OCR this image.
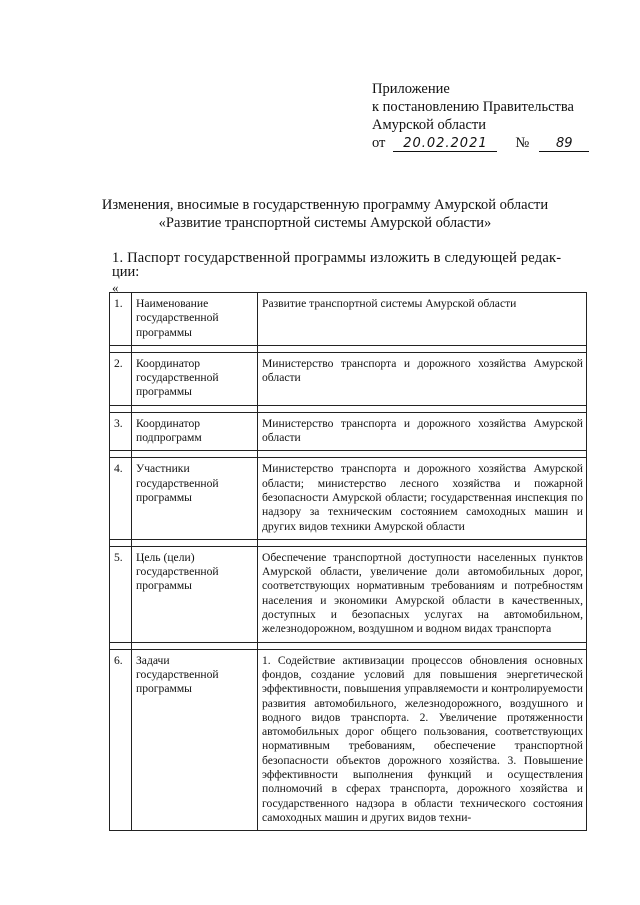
Приложение
к постановлению Правительства
Амурской области
от	20.02.2021	№	89
Изменения, вносимые в государственную программу Амурской области
«Развитие транспортной системы Амурской области»
1. Паспорт государственной программы изложить в следующей редак-
ции:
«
1.	Наименование государственной программы	Развитие транспортной системы Амурской области

2.	Координатор государственной программы	Министерство транспорта и дорожного хозяйства Амурской области

3.	Координатор подпрограмм	Министерство транспорта и дорожного хозяйства Амурской области

4.	Участники государственной программы	Министерство транспорта и дорожного хозяйства Амурской области; министерство лесного хозяйства и пожарной безопасности Амурской области; государственная инспекция по надзору за техническим состоянием самоходных машин и других видов техники Амурской области

5.	Цель (цели) государственной программы	Обеспечение транспортной доступности населенных пунктов Амурской области, увеличение доли автомобильных дорог, соответствующих нормативным требованиям и потребностям населения и экономики Амурской области в качественных, доступных и безопасных услугах на автомобильном, железнодорожном, воздушном и водном видах транспорта

6.	Задачи государственной программы	1. Содействие активизации процессов обновления основных фондов, создание условий для повышения энергетической эффективности, повышения управляемости и контролируемости развития автомобильного, железнодорожного, воздушного и водного видов транспорта. 2. Увеличение протяженности автомобильных дорог общего пользования, соответствующих нормативным требованиям, обеспечение транспортной безопасности объектов дорожного хозяйства. 3. Повышение эффективности выполнения функций и осуществления полномочий в сферах транспорта, дорожного хозяйства и государственного надзора в области технического состояния самоходных машин и других видов техни-
